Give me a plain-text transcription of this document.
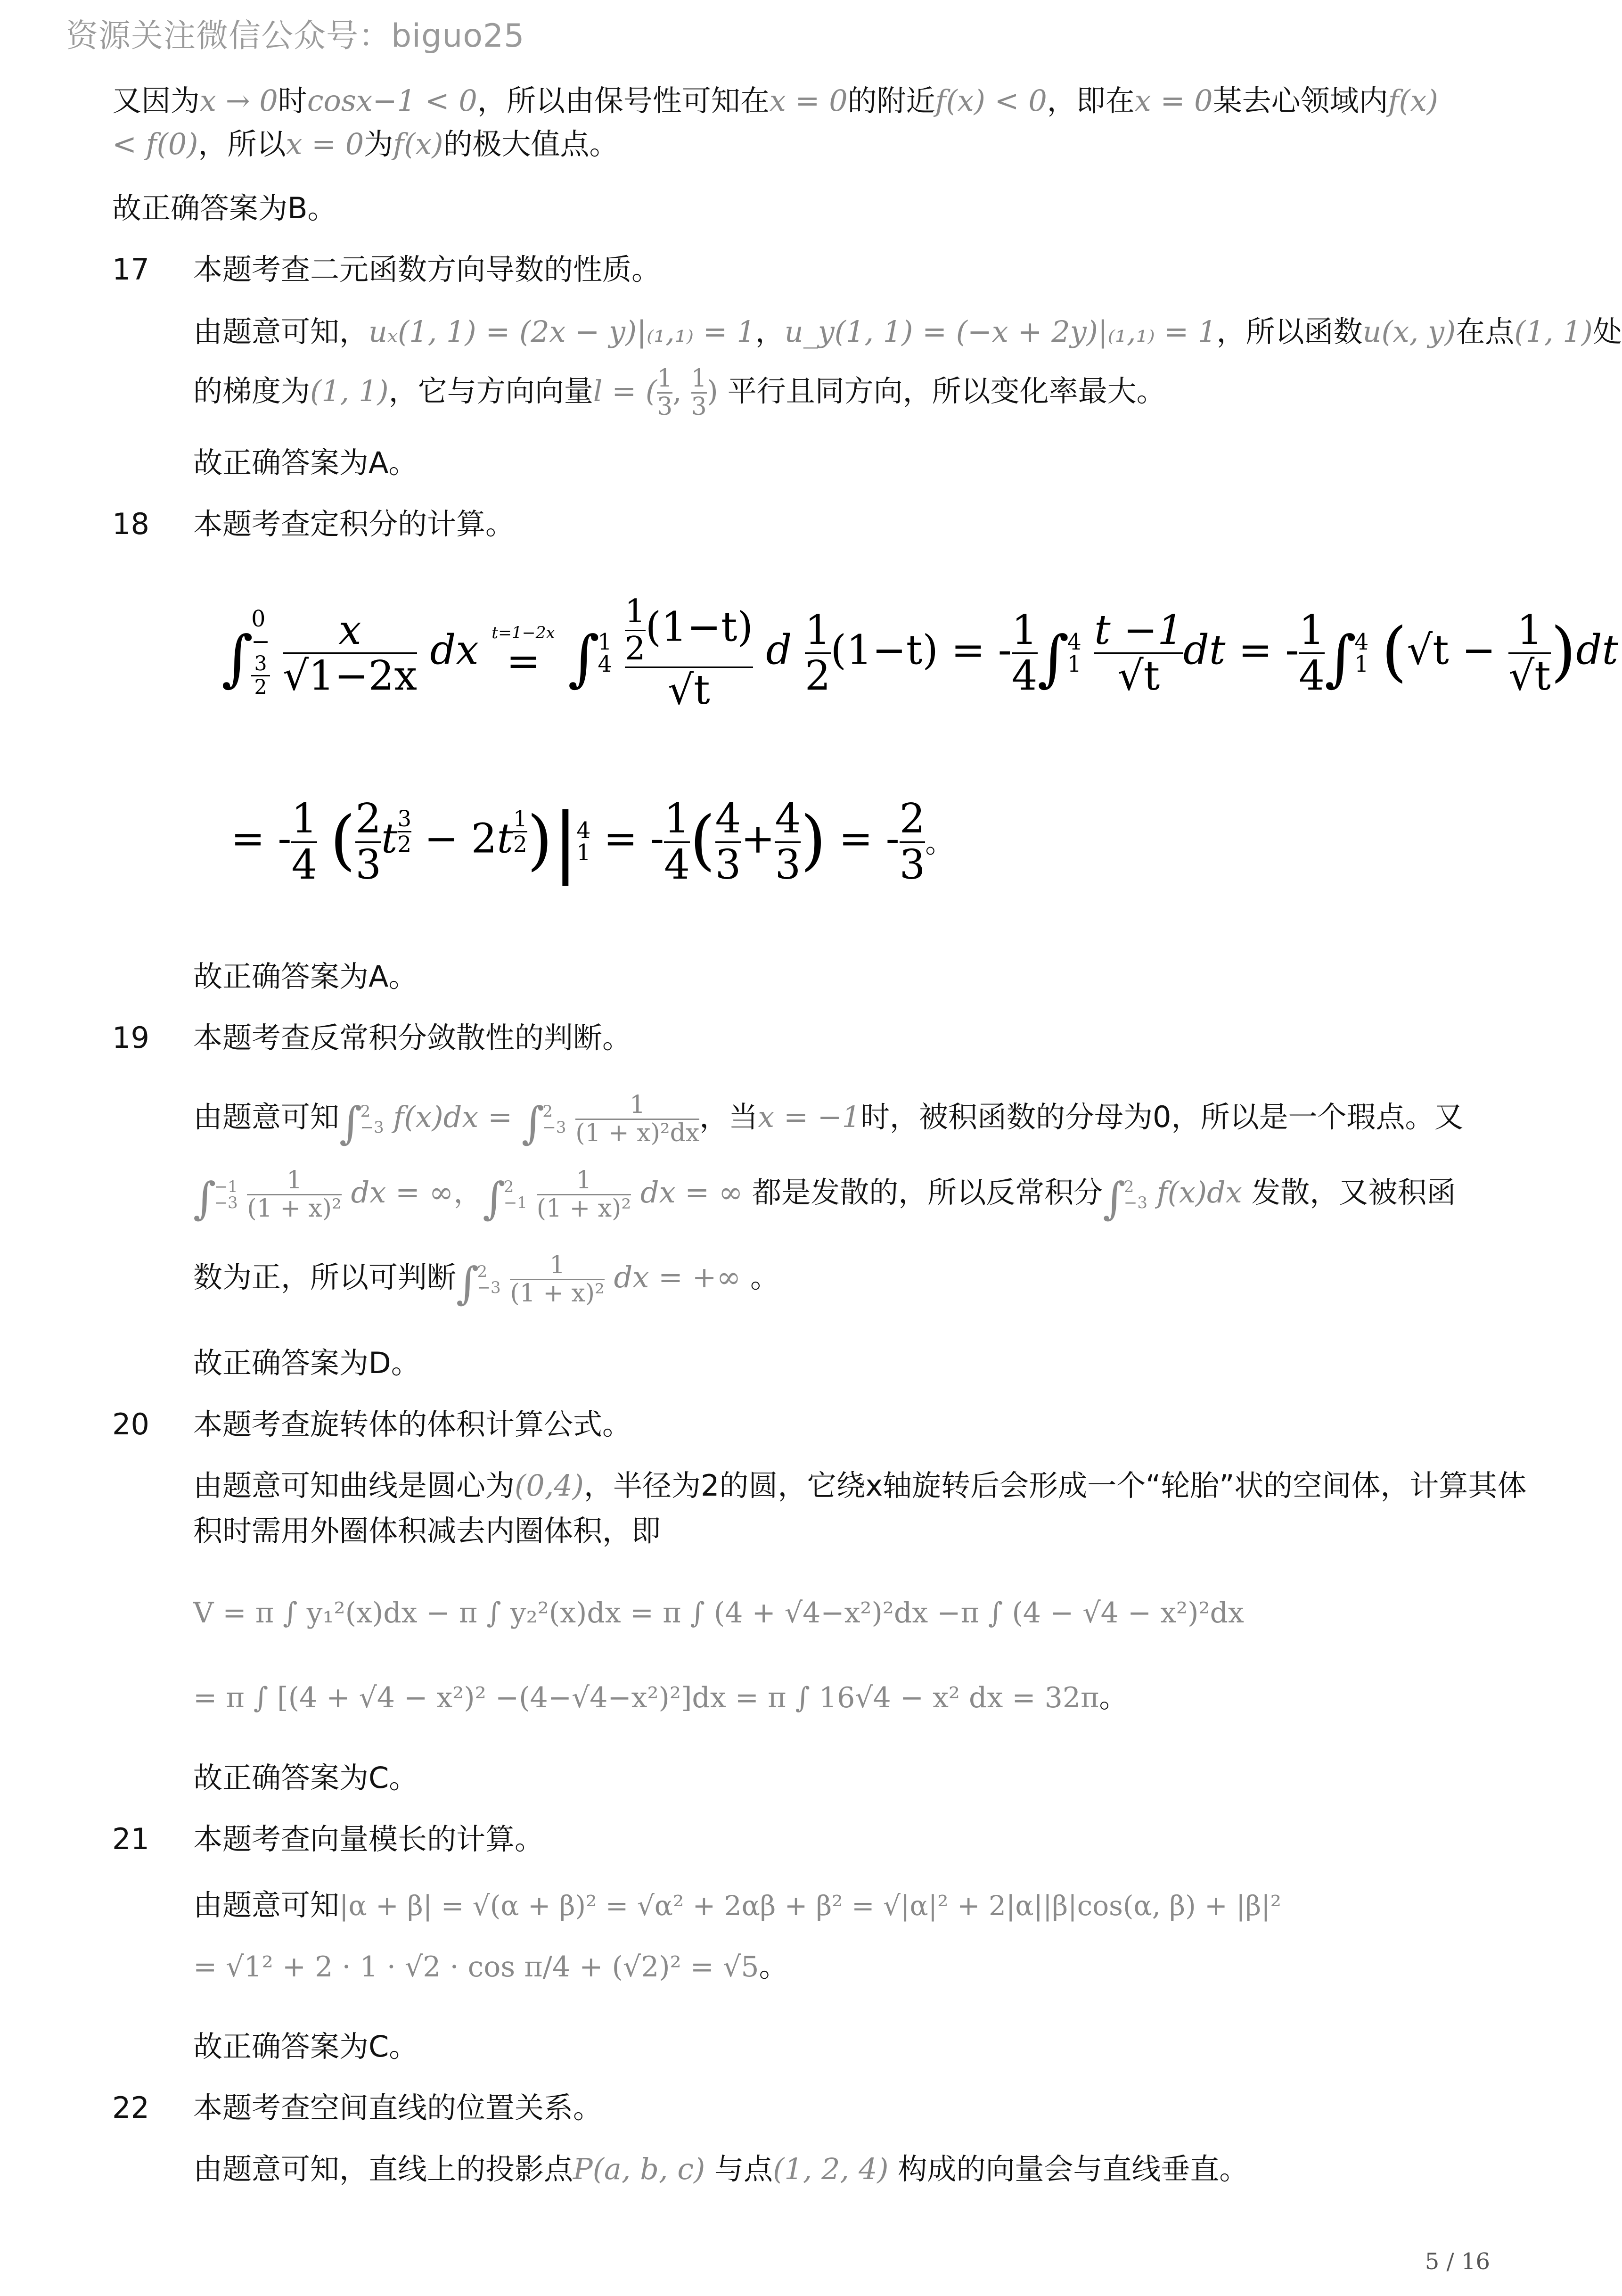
资源关注微信公众号：biguo25
又因为x → 0时cosx−1 < 0，所以由保号性可知在x = 0的附近f(x) < 0，即在x = 0某去心领域内f(x)
< f(0)，所以x = 0为f(x)的极大值点。
故正确答案为B。
17 本题考查二元函数方向导数的性质。
由题意可知，uₓ(1, 1) = (2x − y)|₍₁,₁₎ = 1，u_y(1, 1) = (−x + 2y)|₍₁,₁₎ = 1，所以函数u(x, y)在点(1, 1)处
的梯度为(1, 1)，它与方向向量l = ( $\frac{1}{3}$ , $\frac{1}{3}$ ) 平行且同方向，所以变化率最大。
故正确答案为A。
18 本题考查定积分的计算。
∫
0
−
3
2
$\frac{x}{√1-2x}$ dx t=1−2x
= ∫
1
4
$\frac{\frac{1}{2} (1-t)}{√t}$ d $\frac{1}{2} (1-t)$ = - $\frac{1}{4}$ ∫
4
1
$\frac{t -1}{√t}$ dt = - $\frac{1}{4}$ ∫
4
1 $(√t - \frac{1}{√t} )dt$
= - $\frac{1}{4}$ ( $\frac{2}{3}$ t $^{\frac{3}{2}}$ − 2t $^{\frac{1}{2}}$ )|
4
1 = - $\frac{1}{4}$ ( $\frac{4}{3} + \frac{4}{3}$ ) = - $\frac{2}{3}$ 。
故正确答案为A。
19 本题考查反常积分敛散性的判断。
由题意可知∫
2
−3 f(x)dx = ∫
2
−3
$\frac{1}{\text{(1 + x)²dx}}$ ，当x = −1时，被积函数的分母为0，所以是一个瑕点。又
∫
−1
−3
$\frac{1}{\text{(1 + x)²}}$ dx = ∞，∫
2
−1
$\frac{1}{\text{(1 + x)²}}$ dx = ∞ 都是发散的，所以反常积分∫
2
−3 f(x)dx 发散，又被积函
数为正，所以可判断∫
2
−3
$\frac{1}{\text{(1 + x)²}}$ dx = +∞ 。
故正确答案为D。
20 本题考查旋转体的体积计算公式。
由题意可知曲线是圆心为(0,4)，半径为2的圆，它绕x轴旋转后会形成一个“轮胎”状的空间体，计算其体
积时需用外圈体积减去内圈体积，即
V = π ∫ y₁²(x)dx − π ∫ y₂²(x)dx = π ∫ (4 + √4−x²)²dx −π ∫ (4 − √4 − x²)²dx
= π ∫ [(4 + √4 − x²)² −(4−√4−x²)²]dx = π ∫ 16√4 − x² dx = 32π。
故正确答案为C。
21 本题考查向量模长的计算。
由题意可知|α + β| = √(α + β)² = √α² + 2αβ + β² = √|α|² + 2|α||β|cos(α, β) + |β|²
= √1² + 2 · 1 · √2 · cos π/4 + (√2)² = √5。
故正确答案为C。
22 本题考查空间直线的位置关系。
由题意可知，直线上的投影点P(a, b, c) 与点(1, 2, 4) 构成的向量会与直线垂直。
5 / 16
